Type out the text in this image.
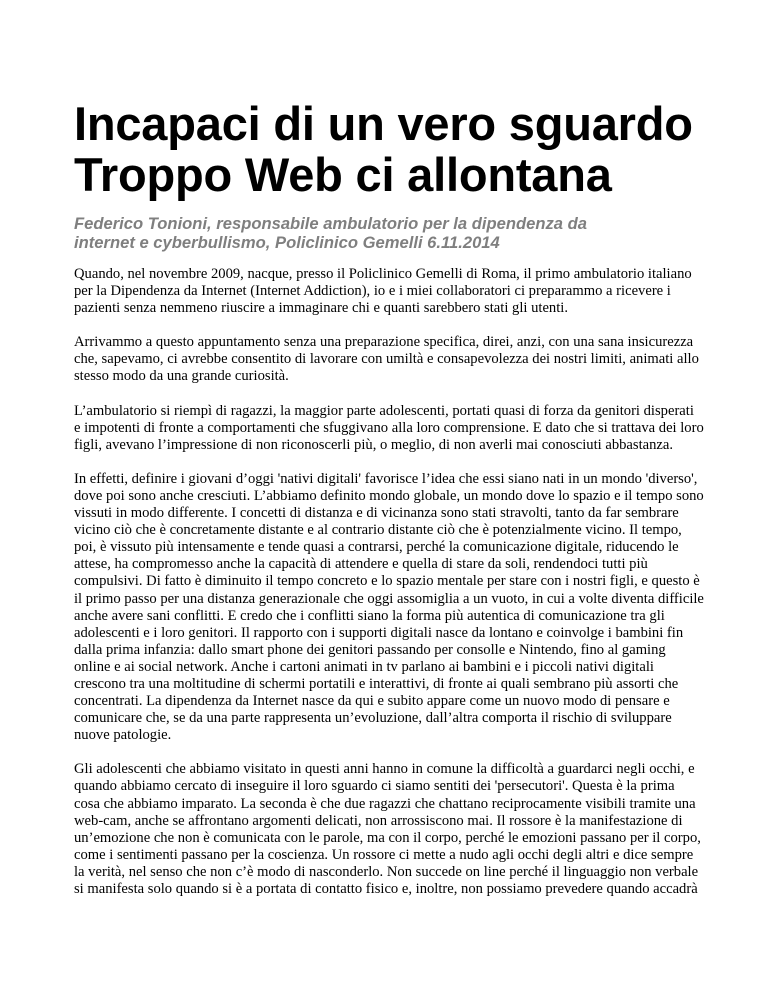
Incapaci di un vero sguardo
Troppo Web ci allontana

Federico Tonioni, responsabile ambulatorio per la dipendenza da
internet e cyberbullismo, Policlinico Gemelli 6.11.2014

Quando, nel novembre 2009, nacque, presso il Policlinico Gemelli di Roma, il primo ambulatorio italiano per la Dipendenza da Internet (Internet Addiction), io e i miei collaboratori ci preparammo a ricevere i pazienti senza nemmeno riuscire a immaginare chi e quanti sarebbero stati gli utenti.

Arrivammo a questo appuntamento senza una preparazione specifica, direi, anzi, con una sana insicurezza che, sapevamo, ci avrebbe consentito di lavorare con umiltà e consapevolezza dei nostri limiti, animati allo stesso modo da una grande curiosità.

L’ambulatorio si riempì di ragazzi, la maggior parte adolescenti, portati quasi di forza da genitori disperati e impotenti di fronte a comportamenti che sfuggivano alla loro comprensione. E dato che si trattava dei loro figli, avevano l’impressione di non riconoscerli più, o meglio, di non averli mai conosciuti abbastanza.

In effetti, definire i giovani d’oggi 'nativi digitali' favorisce l’idea che essi siano nati in un mondo 'diverso', dove poi sono anche cresciuti. L’abbiamo definito mondo globale, un mondo dove lo spazio e il tempo sono vissuti in modo differente. I concetti di distanza e di vicinanza sono stati stravolti, tanto da far sembrare vicino ciò che è concretamente distante e al contrario distante ciò che è potenzialmente vicino. Il tempo, poi, è vissuto più intensamente e tende quasi a contrarsi, perché la comunicazione digitale, riducendo le attese, ha compromesso anche la capacità di attendere e quella di stare da soli, rendendoci tutti più compulsivi. Di fatto è diminuito il tempo concreto e lo spazio mentale per stare con i nostri figli, e questo è il primo passo per una distanza generazionale che oggi assomiglia a un vuoto, in cui a volte diventa difficile anche avere sani conflitti. E credo che i conflitti siano la forma più autentica di comunicazione tra gli adolescenti e i loro genitori. Il rapporto con i supporti digitali nasce da lontano e coinvolge i bambini fin dalla prima infanzia: dallo smart phone dei genitori passando per consolle e Nintendo, fino al gaming online e ai social network. Anche i cartoni animati in tv parlano ai bambini e i piccoli nativi digitali crescono tra una moltitudine di schermi portatili e interattivi, di fronte ai quali sembrano più assorti che concentrati. La dipendenza da Internet nasce da qui e subito appare come un nuovo modo di pensare e comunicare che, se da una parte rappresenta un’evoluzione, dall’altra comporta il rischio di sviluppare nuove patologie.

Gli adolescenti che abbiamo visitato in questi anni hanno in comune la difficoltà a guardarci negli occhi, e quando abbiamo cercato di inseguire il loro sguardo ci siamo sentiti dei 'persecutori'. Questa è la prima cosa che abbiamo imparato. La seconda è che due ragazzi che chattano reciprocamente visibili tramite una web-cam, anche se affrontano argomenti delicati, non arrossiscono mai. Il rossore è la manifestazione di un’emozione che non è comunicata con le parole, ma con il corpo, perché le emozioni passano per il corpo, come i sentimenti passano per la coscienza. Un rossore ci mette a nudo agli occhi degli altri e dice sempre la verità, nel senso che non c’è modo di nasconderlo. Non succede on line perché il linguaggio non verbale si manifesta solo quando si è a portata di contatto fisico e, inoltre, non possiamo prevedere quando accadrà
